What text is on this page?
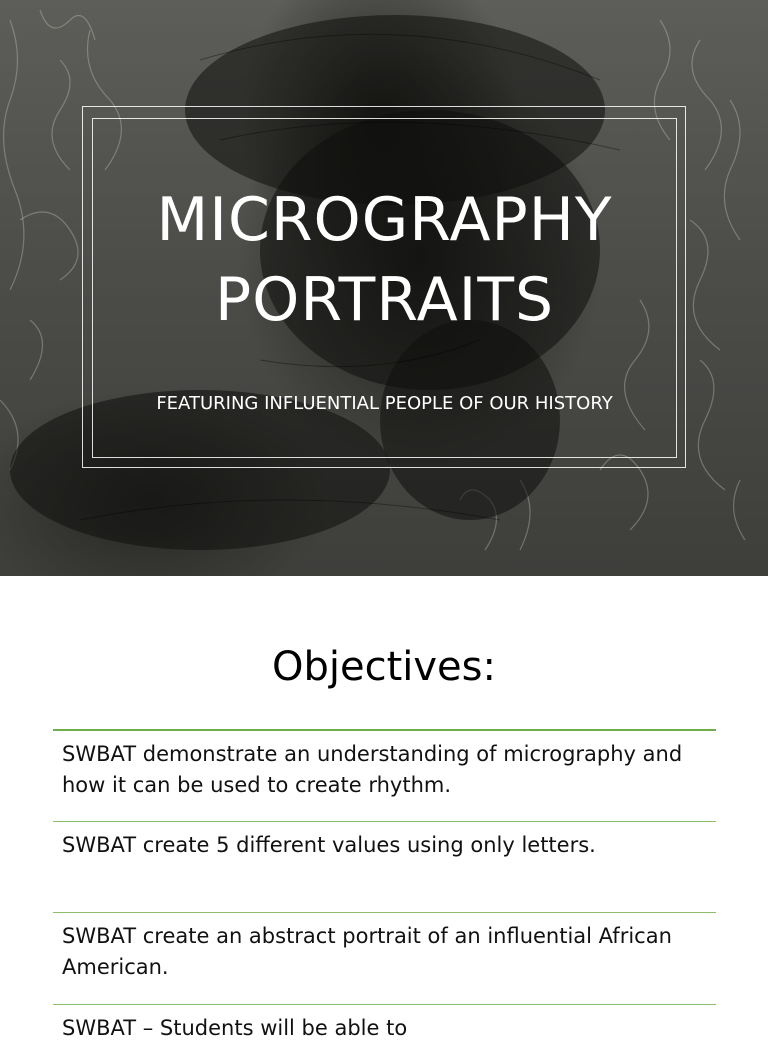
MICROGRAPHY
PORTRAITS
FEATURING INFLUENTIAL PEOPLE OF OUR HISTORY
Objectives:
SWBAT demonstrate an understanding of micrography and how it can be used to create rhythm.
SWBAT create 5 different values using only letters.
SWBAT create an abstract portrait of an influential African American.
SWBAT – Students will be able to
